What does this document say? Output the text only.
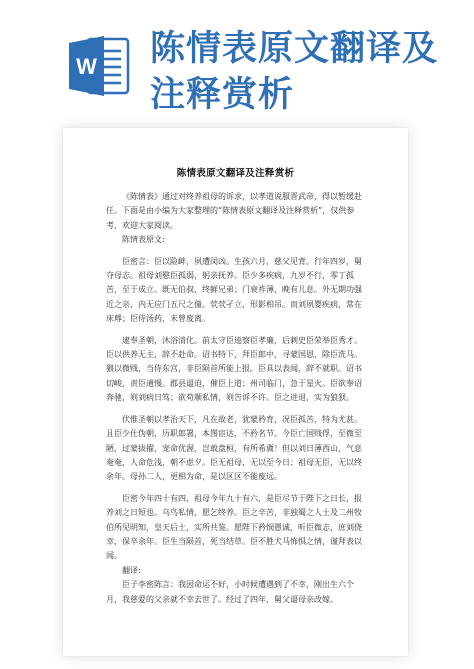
W 陈情表原文翻译及
注释赏析
陈情表原文翻译及注释赏析

《陈情表》通过对终养祖母的诉求，以孝道说服晋武帝，得以暂缓赴任。下面是由小编为大家整理的“陈情表原文翻译及注释赏析”，仅供参考，欢迎大家阅读。

陈情表原文:

臣密言：臣以险衅，夙遭闵凶。生孩六月，慈父见背。行年四岁，舅夺母志。祖母刘愍臣孤弱，躬亲抚养。臣少多疾病，九岁不行，零丁孤苦，至于成立。既无伯叔，终鲜兄弟；门衰祚薄，晚有儿息。外无期功强近之亲，内无应门五尺之僮。茕茕孑立，形影相吊。而刘夙婴疾病，常在床蓐；臣侍汤药，未曾废离。

逮奉圣朝，沐浴清化。前太守臣逵察臣孝廉，后刺史臣荣举臣秀才。臣以供养无主，辞不赴命。诏书特下，拜臣郎中，寻蒙国恩，除臣洗马。猥以微贱，当侍东宫，非臣陨首所能上报。臣具以表闻，辞不就职。诏书切峻，责臣逋慢。郡县逼迫，催臣上道；州司临门，急于星火。臣欲奉诏奔驰，则刘病日笃；欲苟顺私情，则告诉不许。臣之进退，实为狼狈。

伏惟圣朝以孝治天下，凡在故老，犹蒙矜育，况臣孤苦，特为尤甚。且臣少仕伪朝，历职郎署，本图宦达，不矜名节。今臣亡国贱俘，至微至陋，过蒙拔擢，宠命优渥，岂敢盘桓，有所希冀！但以刘日薄西山，气息奄奄，人命危浅，朝不虑夕。臣无祖母，无以至今日；祖母无臣，无以终余年。母孙二人，更相为命，是以区区不能废远。

臣密今年四十有四，祖母今年九十有六，是臣尽节于陛下之日长，报养刘之日短也。乌鸟私情，愿乞终养。臣之辛苦，非独蜀之人士及二州牧伯所见明知，皇天后土，实所共鉴。愿陛下矜悯愚诚，听臣微志，庶刘侥幸，保卒余年。臣生当陨首，死当结草。臣不胜犬马怖惧之情，谨拜表以闻。

翻译:

臣子李密陈言：我因命运不好，小时候遭遇到了不幸，刚出生六个月，我慈爱的父亲就不幸去世了。经过了四年，舅父逼母亲改嫁。
